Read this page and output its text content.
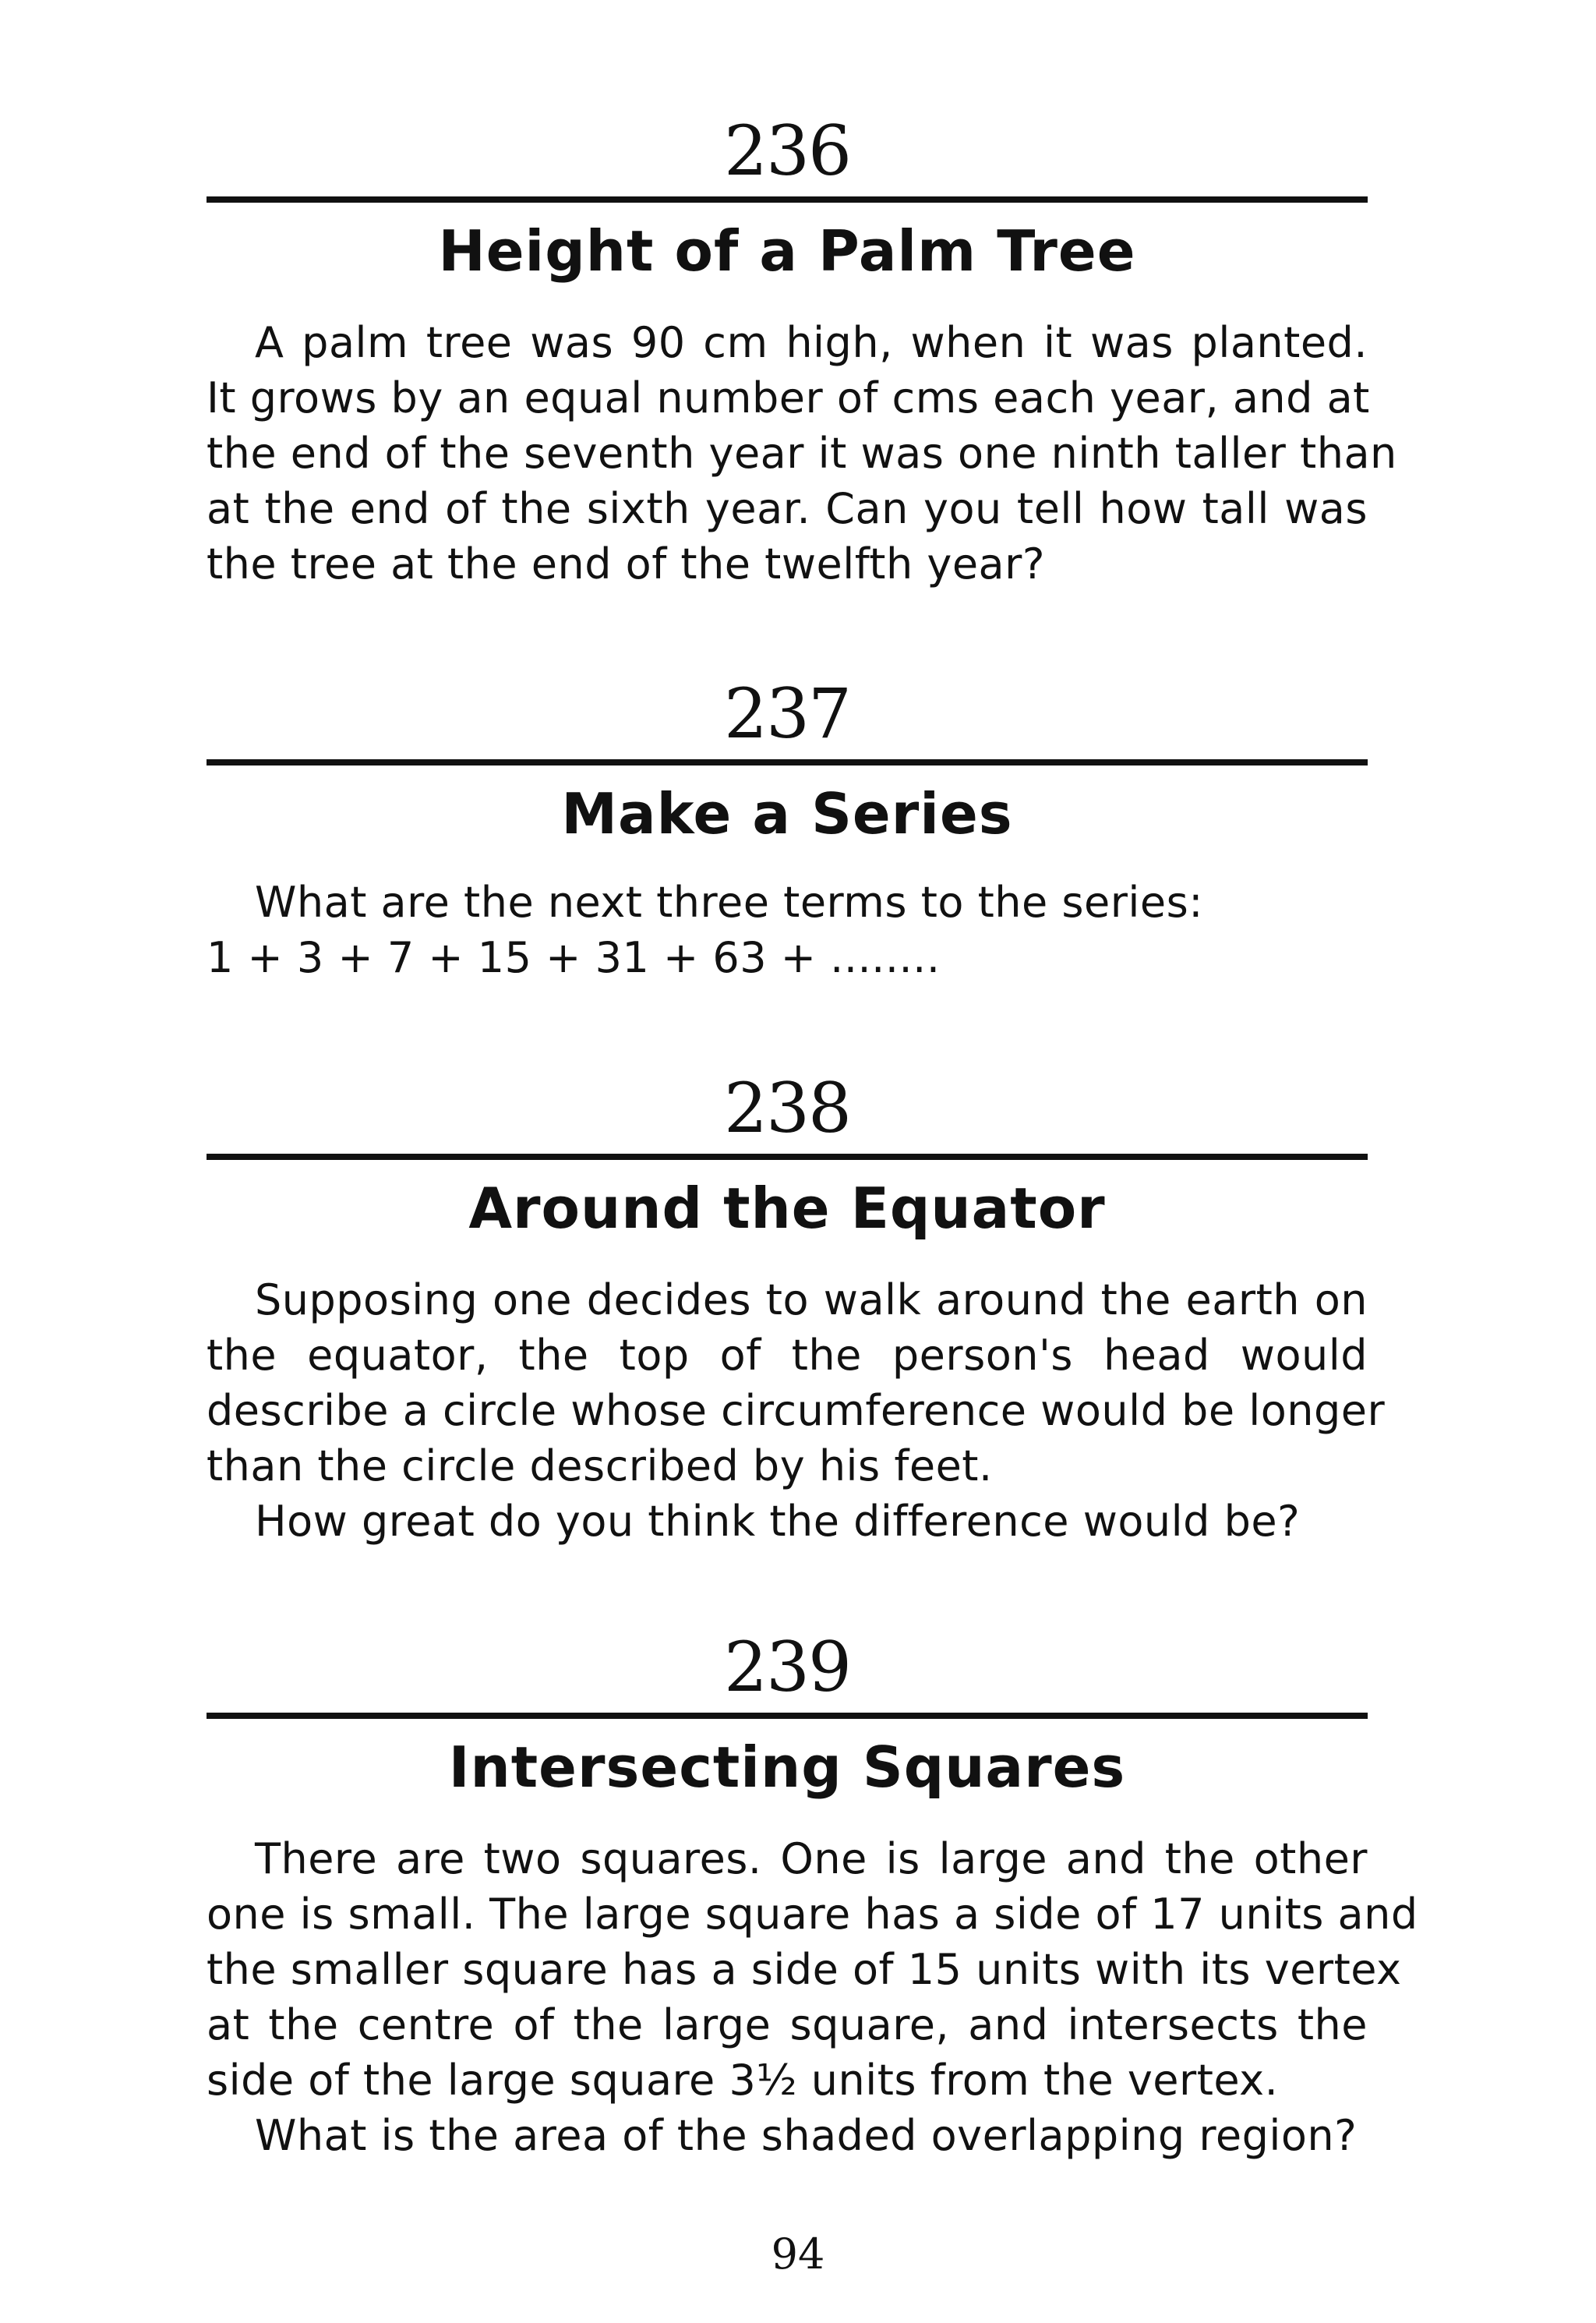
236
Height of a Palm Tree
A palm tree was 90 cm high, when it was planted.
It grows by an equal number of cms each year, and at
the end of the seventh year it was one ninth taller than
at the end of the sixth year. Can you tell how tall was
the tree at the end of the twelfth year?
237
Make a Series
What are the next three terms to the series:
1 + 3 + 7 + 15 + 31 + 63 + ........
238
Around the Equator
Supposing one decides to walk around the earth on
the equator, the top of the person's head would
describe a circle whose circumference would be longer
than the circle described by his feet.
How great do you think the difference would be?
239
Intersecting Squares
There are two squares. One is large and the other
one is small. The large square has a side of 17 units and
the smaller square has a side of 15 units with its vertex
at the centre of the large square, and intersects the
side of the large square 3½ units from the vertex.
What is the area of the shaded overlapping region?
94
